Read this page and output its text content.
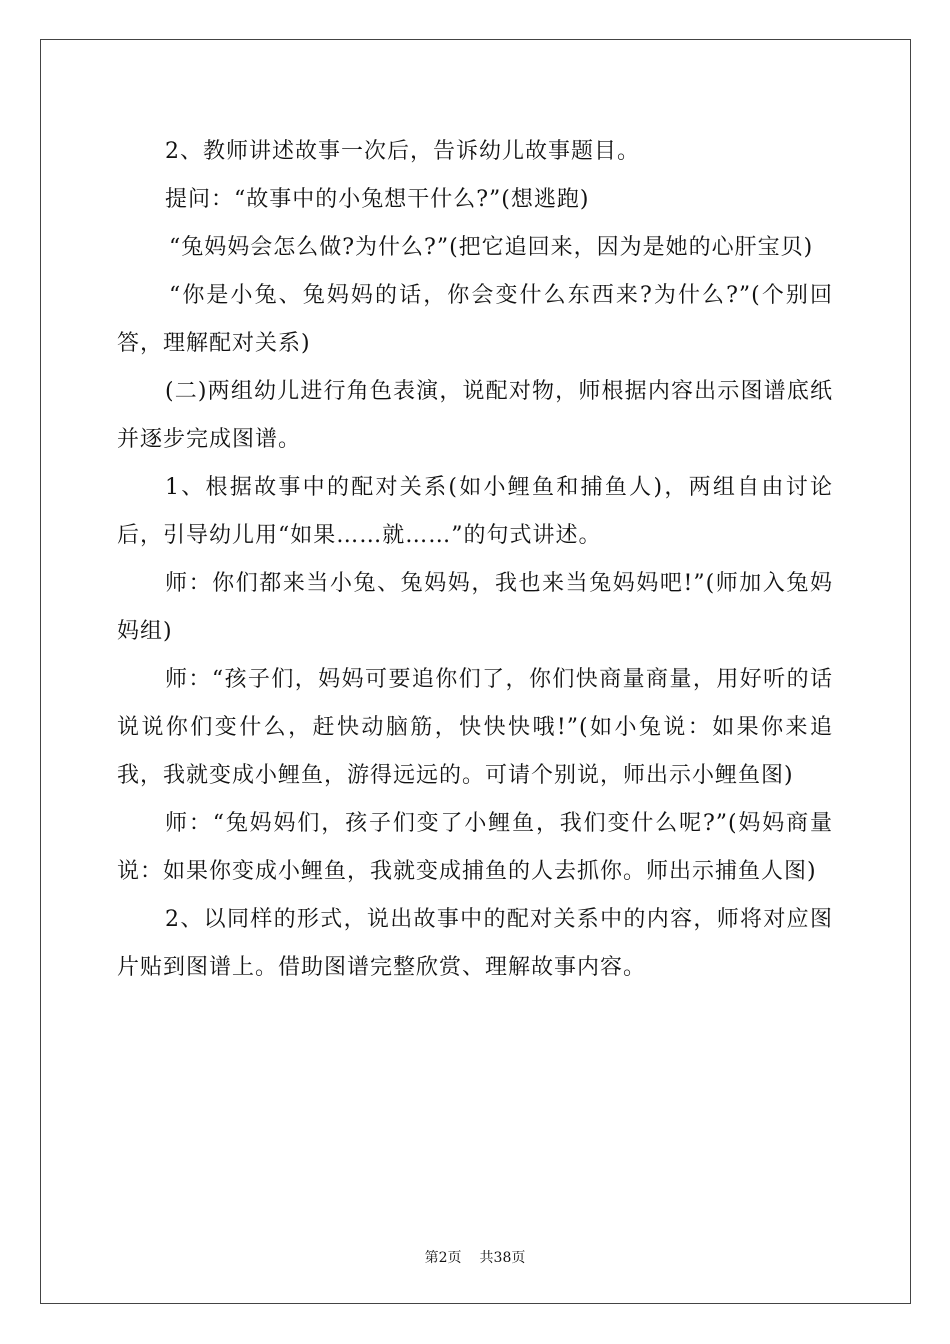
2、教师讲述故事一次后，告诉幼儿故事题目。

提问：“故事中的小兔想干什么?”(想逃跑)

“兔妈妈会怎么做?为什么?”(把它追回来，因为是她的心肝宝贝)

“你是小兔、兔妈妈的话，你会变什么东西来?为什么?”(个别回答，理解配对关系)

(二)两组幼儿进行角色表演，说配对物，师根据内容出示图谱底纸并逐步完成图谱。

1、根据故事中的配对关系(如小鲤鱼和捕鱼人)，两组自由讨论后，引导幼儿用“如果……就……”的句式讲述。

师：你们都来当小兔、兔妈妈，我也来当兔妈妈吧!”(师加入兔妈妈组)

师：“孩子们，妈妈可要追你们了，你们快商量商量，用好听的话说说你们变什么，赶快动脑筋，快快快哦!”(如小兔说：如果你来追我，我就变成小鲤鱼，游得远远的。可请个别说，师出示小鲤鱼图)

师：“兔妈妈们，孩子们变了小鲤鱼，我们变什么呢?”(妈妈商量说：如果你变成小鲤鱼，我就变成捕鱼的人去抓你。师出示捕鱼人图)

2、以同样的形式，说出故事中的配对关系中的内容，师将对应图片贴到图谱上。借助图谱完整欣赏、理解故事内容。

第2页 共38页
